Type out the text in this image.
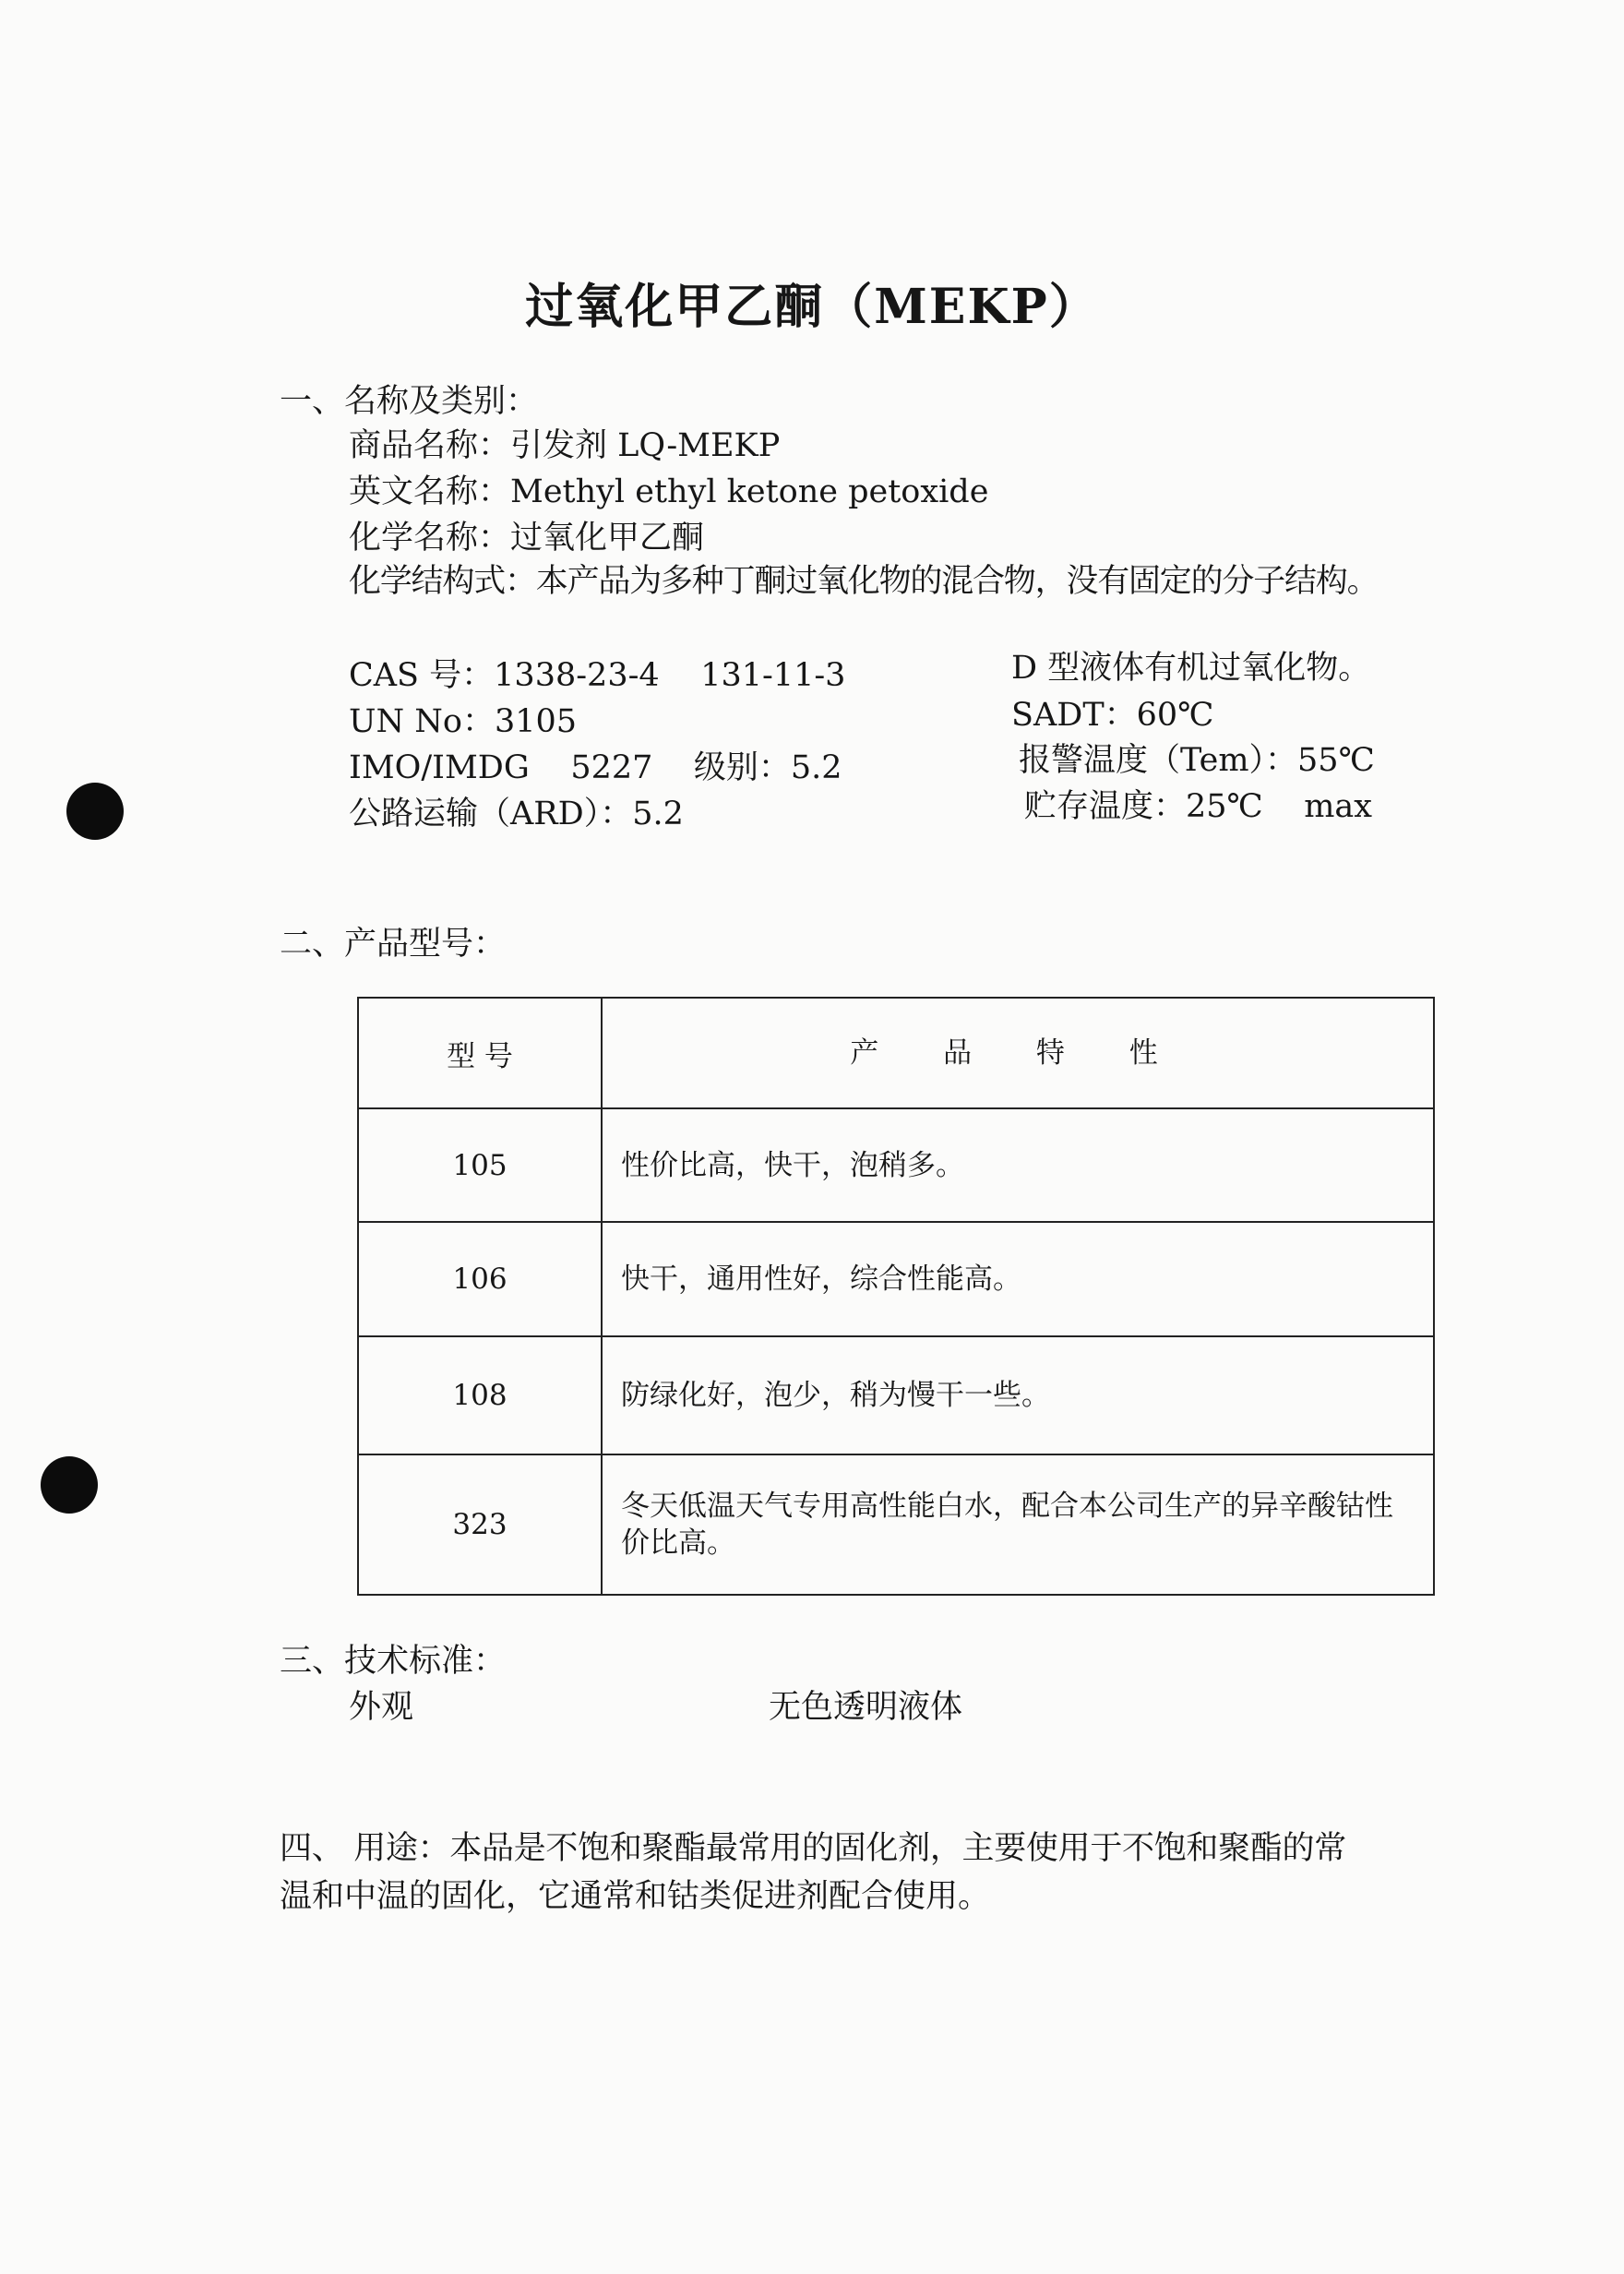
过氧化甲乙酮（MEKP）
一、名称及类别：
商品名称：引发剂 LQ-MEKP
英文名称：Methyl ethyl ketone petoxide
化学名称：过氧化甲乙酮
化学结构式：本产品为多种丁酮过氧化物的混合物，没有固定的分子结构。
CAS 号：1338-23-4    131-11-3
UN No：3105
IMO/IMDG    5227    级别：5.2
公路运输（ARD）：5.2
D 型液体有机过氧化物。
SADT：60℃
报警温度（Tem）：55℃
贮存温度：25℃    max
二、产品型号：
型 号	产 品 特 性
105	性价比高，快干，泡稍多。
106	快干，通用性好，综合性能高。
108	防绿化好，泡少，稍为慢干一些。
323	冬天低温天气专用高性能白水，配合本公司生产的异辛酸钴性价比高。
三、技术标准：
外观	无色透明液体
四、 用途：本品是不饱和聚酯最常用的固化剂，主要使用于不饱和聚酯的常
温和中温的固化，它通常和钴类促进剂配合使用。
